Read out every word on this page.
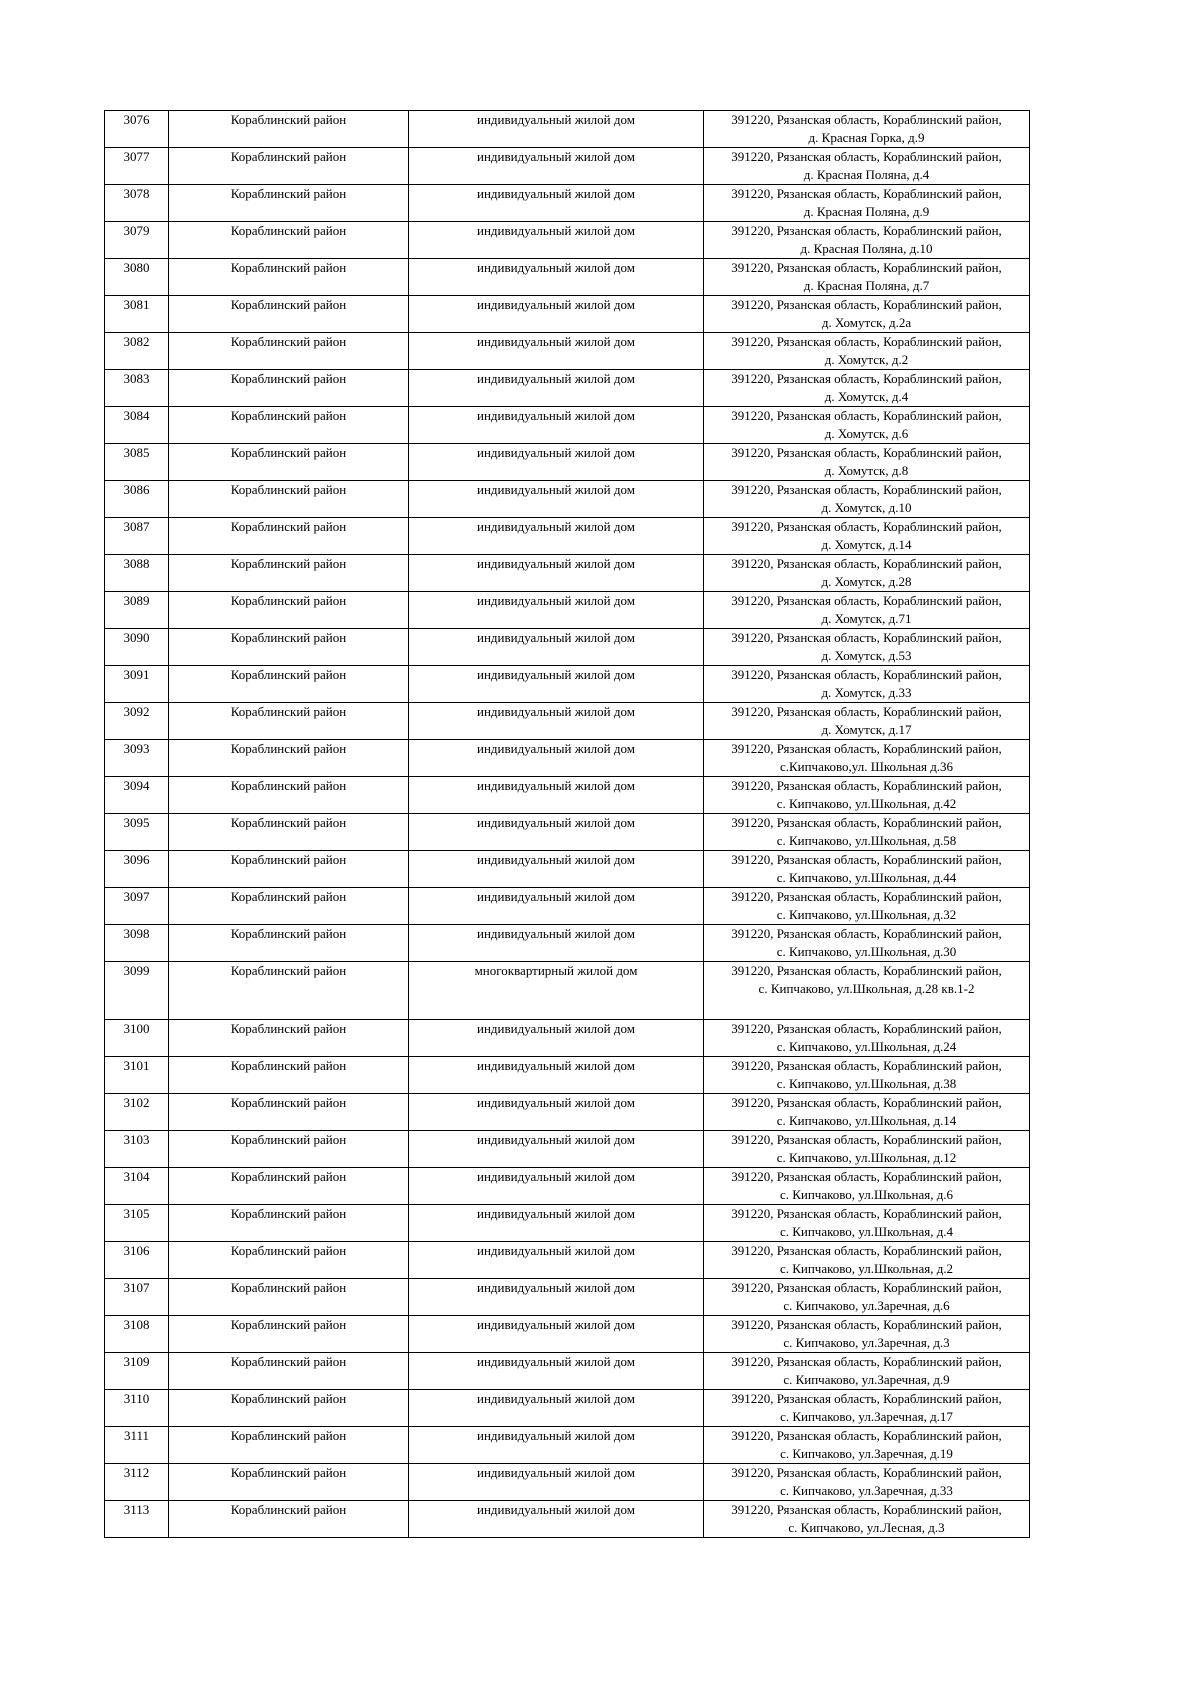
3076	Кораблинский район	индивидуальный жилой дом	391220, Рязанская область, Кораблинский район,
д. Красная Горка, д.9

3077	Кораблинский район	индивидуальный жилой дом	391220, Рязанская область, Кораблинский район,
д. Красная Поляна, д.4

3078	Кораблинский район	индивидуальный жилой дом	391220, Рязанская область, Кораблинский район,
д. Красная Поляна, д.9

3079	Кораблинский район	индивидуальный жилой дом	391220, Рязанская область, Кораблинский район,
д. Красная Поляна, д.10

3080	Кораблинский район	индивидуальный жилой дом	391220, Рязанская область, Кораблинский район,
д. Красная Поляна, д.7

3081	Кораблинский район	индивидуальный жилой дом	391220, Рязанская область, Кораблинский район,
д. Хомутск, д.2а

3082	Кораблинский район	индивидуальный жилой дом	391220, Рязанская область, Кораблинский район,
д. Хомутск, д.2

3083	Кораблинский район	индивидуальный жилой дом	391220, Рязанская область, Кораблинский район,
д. Хомутск, д.4

3084	Кораблинский район	индивидуальный жилой дом	391220, Рязанская область, Кораблинский район,
д. Хомутск, д.6

3085	Кораблинский район	индивидуальный жилой дом	391220, Рязанская область, Кораблинский район,
д. Хомутск, д.8

3086	Кораблинский район	индивидуальный жилой дом	391220, Рязанская область, Кораблинский район,
д. Хомутск, д.10

3087	Кораблинский район	индивидуальный жилой дом	391220, Рязанская область, Кораблинский район,
д. Хомутск, д.14

3088	Кораблинский район	индивидуальный жилой дом	391220, Рязанская область, Кораблинский район,
д. Хомутск, д.28

3089	Кораблинский район	индивидуальный жилой дом	391220, Рязанская область, Кораблинский район,
д. Хомутск, д.71

3090	Кораблинский район	индивидуальный жилой дом	391220, Рязанская область, Кораблинский район,
д. Хомутск, д.53

3091	Кораблинский район	индивидуальный жилой дом	391220, Рязанская область, Кораблинский район,
д. Хомутск, д.33

3092	Кораблинский район	индивидуальный жилой дом	391220, Рязанская область, Кораблинский район,
д. Хомутск, д.17

3093	Кораблинский район	индивидуальный жилой дом	391220, Рязанская область, Кораблинский район,
с.Кипчаково,ул. Школьная д.36

3094	Кораблинский район	индивидуальный жилой дом	391220, Рязанская область, Кораблинский район,
с. Кипчаково, ул.Школьная, д.42

3095	Кораблинский район	индивидуальный жилой дом	391220, Рязанская область, Кораблинский район,
с. Кипчаково, ул.Школьная, д.58

3096	Кораблинский район	индивидуальный жилой дом	391220, Рязанская область, Кораблинский район,
с. Кипчаково, ул.Школьная, д.44

3097	Кораблинский район	индивидуальный жилой дом	391220, Рязанская область, Кораблинский район,
с. Кипчаково, ул.Школьная, д.32

3098	Кораблинский район	индивидуальный жилой дом	391220, Рязанская область, Кораблинский район,
с. Кипчаково, ул.Школьная, д.30

3099	Кораблинский район	многоквартирный жилой дом	391220, Рязанская область, Кораблинский район,
с. Кипчаково, ул.Школьная, д.28 кв.1-2

3100	Кораблинский район	индивидуальный жилой дом	391220, Рязанская область, Кораблинский район,
с. Кипчаково, ул.Школьная, д.24

3101	Кораблинский район	индивидуальный жилой дом	391220, Рязанская область, Кораблинский район,
с. Кипчаково, ул.Школьная, д.38

3102	Кораблинский район	индивидуальный жилой дом	391220, Рязанская область, Кораблинский район,
с. Кипчаково, ул.Школьная, д.14

3103	Кораблинский район	индивидуальный жилой дом	391220, Рязанская область, Кораблинский район,
с. Кипчаково, ул.Школьная, д.12

3104	Кораблинский район	индивидуальный жилой дом	391220, Рязанская область, Кораблинский район,
с. Кипчаково, ул.Школьная, д.6

3105	Кораблинский район	индивидуальный жилой дом	391220, Рязанская область, Кораблинский район,
с. Кипчаково, ул.Школьная, д.4

3106	Кораблинский район	индивидуальный жилой дом	391220, Рязанская область, Кораблинский район,
с. Кипчаково, ул.Школьная, д.2

3107	Кораблинский район	индивидуальный жилой дом	391220, Рязанская область, Кораблинский район,
с. Кипчаково, ул.Заречная, д.6

3108	Кораблинский район	индивидуальный жилой дом	391220, Рязанская область, Кораблинский район,
с. Кипчаково, ул.Заречная, д.3

3109	Кораблинский район	индивидуальный жилой дом	391220, Рязанская область, Кораблинский район,
с. Кипчаково, ул.Заречная, д.9

3110	Кораблинский район	индивидуальный жилой дом	391220, Рязанская область, Кораблинский район,
с. Кипчаково, ул.Заречная, д.17

3111	Кораблинский район	индивидуальный жилой дом	391220, Рязанская область, Кораблинский район,
с. Кипчаково, ул.Заречная, д.19

3112	Кораблинский район	индивидуальный жилой дом	391220, Рязанская область, Кораблинский район,
с. Кипчаково, ул.Заречная, д.33

3113	Кораблинский район	индивидуальный жилой дом	391220, Рязанская область, Кораблинский район,
с. Кипчаково, ул.Лесная, д.3
